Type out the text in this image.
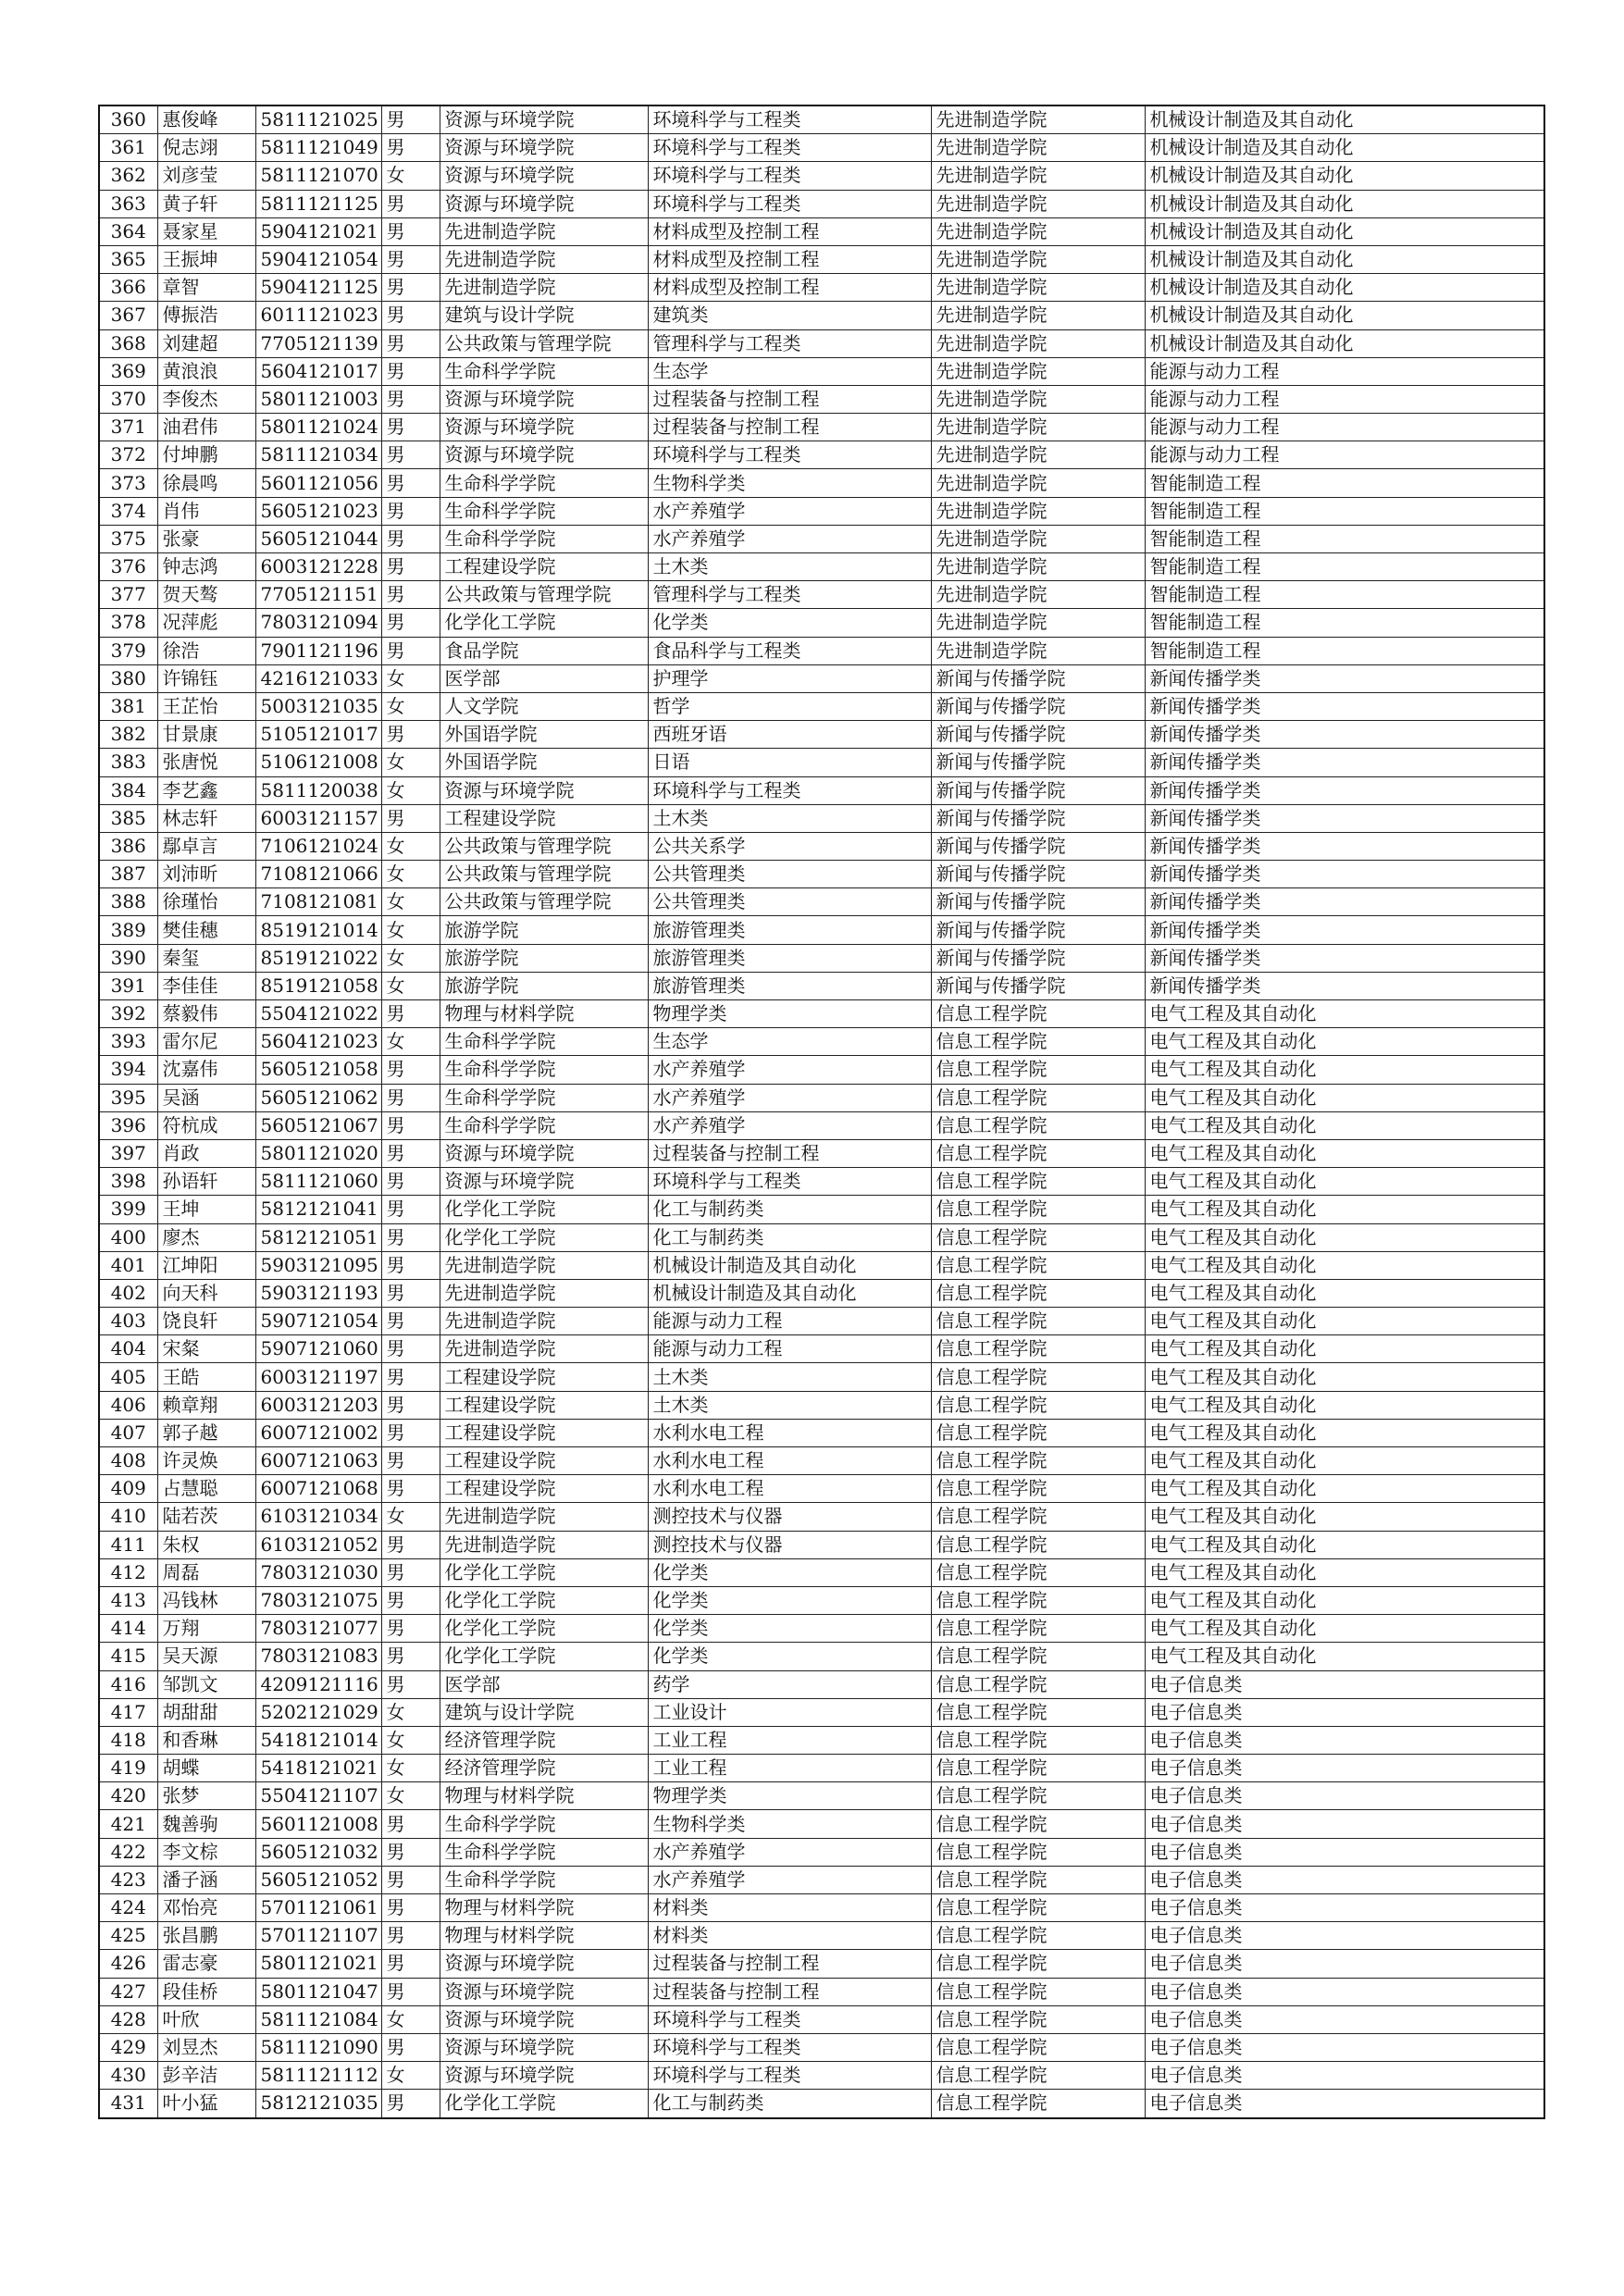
360	惠俊峰	5811121025	男	资源与环境学院	环境科学与工程类	先进制造学院	机械设计制造及其自动化
361	倪志翊	5811121049	男	资源与环境学院	环境科学与工程类	先进制造学院	机械设计制造及其自动化
362	刘彦莹	5811121070	女	资源与环境学院	环境科学与工程类	先进制造学院	机械设计制造及其自动化
363	黄子轩	5811121125	男	资源与环境学院	环境科学与工程类	先进制造学院	机械设计制造及其自动化
364	聂家星	5904121021	男	先进制造学院	材料成型及控制工程	先进制造学院	机械设计制造及其自动化
365	王振坤	5904121054	男	先进制造学院	材料成型及控制工程	先进制造学院	机械设计制造及其自动化
366	章智	5904121125	男	先进制造学院	材料成型及控制工程	先进制造学院	机械设计制造及其自动化
367	傅振浩	6011121023	男	建筑与设计学院	建筑类	先进制造学院	机械设计制造及其自动化
368	刘建超	7705121139	男	公共政策与管理学院	管理科学与工程类	先进制造学院	机械设计制造及其自动化
369	黄浪浪	5604121017	男	生命科学学院	生态学	先进制造学院	能源与动力工程
370	李俊杰	5801121003	男	资源与环境学院	过程装备与控制工程	先进制造学院	能源与动力工程
371	油君伟	5801121024	男	资源与环境学院	过程装备与控制工程	先进制造学院	能源与动力工程
372	付坤鹏	5811121034	男	资源与环境学院	环境科学与工程类	先进制造学院	能源与动力工程
373	徐晨鸣	5601121056	男	生命科学学院	生物科学类	先进制造学院	智能制造工程
374	肖伟	5605121023	男	生命科学学院	水产养殖学	先进制造学院	智能制造工程
375	张豪	5605121044	男	生命科学学院	水产养殖学	先进制造学院	智能制造工程
376	钟志鸿	6003121228	男	工程建设学院	土木类	先进制造学院	智能制造工程
377	贺天骜	7705121151	男	公共政策与管理学院	管理科学与工程类	先进制造学院	智能制造工程
378	况萍彪	7803121094	男	化学化工学院	化学类	先进制造学院	智能制造工程
379	徐浩	7901121196	男	食品学院	食品科学与工程类	先进制造学院	智能制造工程
380	许锦钰	4216121033	女	医学部	护理学	新闻与传播学院	新闻传播学类
381	王芷怡	5003121035	女	人文学院	哲学	新闻与传播学院	新闻传播学类
382	甘景康	5105121017	男	外国语学院	西班牙语	新闻与传播学院	新闻传播学类
383	张唐悦	5106121008	女	外国语学院	日语	新闻与传播学院	新闻传播学类
384	李艺鑫	5811120038	女	资源与环境学院	环境科学与工程类	新闻与传播学院	新闻传播学类
385	林志轩	6003121157	男	工程建设学院	土木类	新闻与传播学院	新闻传播学类
386	鄢卓言	7106121024	女	公共政策与管理学院	公共关系学	新闻与传播学院	新闻传播学类
387	刘沛昕	7108121066	女	公共政策与管理学院	公共管理类	新闻与传播学院	新闻传播学类
388	徐瑾怡	7108121081	女	公共政策与管理学院	公共管理类	新闻与传播学院	新闻传播学类
389	樊佳穗	8519121014	女	旅游学院	旅游管理类	新闻与传播学院	新闻传播学类
390	秦玺	8519121022	女	旅游学院	旅游管理类	新闻与传播学院	新闻传播学类
391	李佳佳	8519121058	女	旅游学院	旅游管理类	新闻与传播学院	新闻传播学类
392	蔡毅伟	5504121022	男	物理与材料学院	物理学类	信息工程学院	电气工程及其自动化
393	雷尔尼	5604121023	女	生命科学学院	生态学	信息工程学院	电气工程及其自动化
394	沈嘉伟	5605121058	男	生命科学学院	水产养殖学	信息工程学院	电气工程及其自动化
395	吴涵	5605121062	男	生命科学学院	水产养殖学	信息工程学院	电气工程及其自动化
396	符杭成	5605121067	男	生命科学学院	水产养殖学	信息工程学院	电气工程及其自动化
397	肖政	5801121020	男	资源与环境学院	过程装备与控制工程	信息工程学院	电气工程及其自动化
398	孙语轩	5811121060	男	资源与环境学院	环境科学与工程类	信息工程学院	电气工程及其自动化
399	王坤	5812121041	男	化学化工学院	化工与制药类	信息工程学院	电气工程及其自动化
400	廖杰	5812121051	男	化学化工学院	化工与制药类	信息工程学院	电气工程及其自动化
401	江坤阳	5903121095	男	先进制造学院	机械设计制造及其自动化	信息工程学院	电气工程及其自动化
402	向天科	5903121193	男	先进制造学院	机械设计制造及其自动化	信息工程学院	电气工程及其自动化
403	饶良轩	5907121054	男	先进制造学院	能源与动力工程	信息工程学院	电气工程及其自动化
404	宋粲	5907121060	男	先进制造学院	能源与动力工程	信息工程学院	电气工程及其自动化
405	王皓	6003121197	男	工程建设学院	土木类	信息工程学院	电气工程及其自动化
406	赖章翔	6003121203	男	工程建设学院	土木类	信息工程学院	电气工程及其自动化
407	郭子越	6007121002	男	工程建设学院	水利水电工程	信息工程学院	电气工程及其自动化
408	许灵焕	6007121063	男	工程建设学院	水利水电工程	信息工程学院	电气工程及其自动化
409	占慧聪	6007121068	男	工程建设学院	水利水电工程	信息工程学院	电气工程及其自动化
410	陆若茨	6103121034	女	先进制造学院	测控技术与仪器	信息工程学院	电气工程及其自动化
411	朱权	6103121052	男	先进制造学院	测控技术与仪器	信息工程学院	电气工程及其自动化
412	周磊	7803121030	男	化学化工学院	化学类	信息工程学院	电气工程及其自动化
413	冯钱林	7803121075	男	化学化工学院	化学类	信息工程学院	电气工程及其自动化
414	万翔	7803121077	男	化学化工学院	化学类	信息工程学院	电气工程及其自动化
415	吴天源	7803121083	男	化学化工学院	化学类	信息工程学院	电气工程及其自动化
416	邹凯文	4209121116	男	医学部	药学	信息工程学院	电子信息类
417	胡甜甜	5202121029	女	建筑与设计学院	工业设计	信息工程学院	电子信息类
418	和香琳	5418121014	女	经济管理学院	工业工程	信息工程学院	电子信息类
419	胡蝶	5418121021	女	经济管理学院	工业工程	信息工程学院	电子信息类
420	张梦	5504121107	女	物理与材料学院	物理学类	信息工程学院	电子信息类
421	魏善驹	5601121008	男	生命科学学院	生物科学类	信息工程学院	电子信息类
422	李文棕	5605121032	男	生命科学学院	水产养殖学	信息工程学院	电子信息类
423	潘子涵	5605121052	男	生命科学学院	水产养殖学	信息工程学院	电子信息类
424	邓怡亮	5701121061	男	物理与材料学院	材料类	信息工程学院	电子信息类
425	张昌鹏	5701121107	男	物理与材料学院	材料类	信息工程学院	电子信息类
426	雷志豪	5801121021	男	资源与环境学院	过程装备与控制工程	信息工程学院	电子信息类
427	段佳桥	5801121047	男	资源与环境学院	过程装备与控制工程	信息工程学院	电子信息类
428	叶欣	5811121084	女	资源与环境学院	环境科学与工程类	信息工程学院	电子信息类
429	刘昱杰	5811121090	男	资源与环境学院	环境科学与工程类	信息工程学院	电子信息类
430	彭辛洁	5811121112	女	资源与环境学院	环境科学与工程类	信息工程学院	电子信息类
431	叶小猛	5812121035	男	化学化工学院	化工与制药类	信息工程学院	电子信息类
